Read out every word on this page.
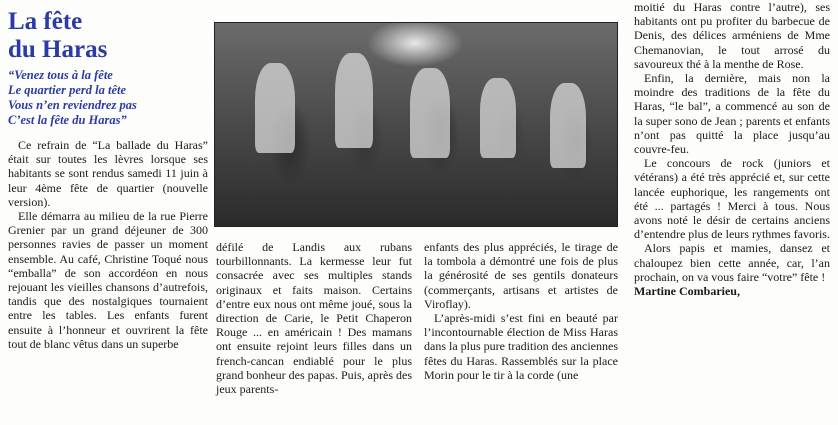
La fête
du Haras
“Venez tous à la fête
Le quartier perd la tête
Vous n’en reviendrez pas
C’est la fête du Haras”

Ce refrain de “La ballade du Haras” était sur toutes les lèvres lorsque ses habitants se sont rendus samedi 11 juin à leur 4ème fête de quartier (nouvelle version).

Elle démarra au milieu de la rue Pierre Grenier par un grand déjeuner de 300 personnes ravies de passer un moment ensemble. Au café, Christine Toqué nous “emballa” de son accordéon en nous rejouant les vieilles chansons d’autrefois, tandis que des nostalgiques tournaient entre les tables. Les enfants furent ensuite à l’honneur et ouvrirent la fête tout de blanc vêtus dans un superbe

défilé de Landis aux rubans tourbillonnants. La kermesse leur fut consacrée avec ses multiples stands originaux et faits maison. Certains d’entre eux nous ont même joué, sous la direction de Carie, le Petit Chaperon Rouge ... en américain ! Des mamans ont ensuite rejoint leurs filles dans un french-cancan endiablé pour le plus grand bonheur des papas. Puis, après des jeux parents-

enfants des plus appréciés, le tirage de la tombola a démontré une fois de plus la générosité de ses gentils donateurs (commerçants, artisans et artistes de Viroflay).

L’après-midi s’est fini en beauté par l’incontournable élection de Miss Haras dans la plus pure tradition des anciennes fêtes du Haras. Rassemblés sur la place Morin pour le tir à la corde (une

moitié du Haras contre l’autre), ses habitants ont pu profiter du barbecue de Denis, des délices arméniens de Mme Chemanovian, le tout arrosé du savoureux thé à la menthe de Rose.

Enfin, la dernière, mais non la moindre des traditions de la fête du Haras, “le bal”, a commencé au son de la super sono de Jean ; parents et enfants n’ont pas quitté la place jusqu’au couvre-feu.

Le concours de rock (juniors et vétérans) a été très apprécié et, sur cette lancée euphorique, les rangements ont été ... partagés ! Merci à tous. Nous avons noté le désir de certains anciens d’entendre plus de leurs rythmes favoris.

Alors papis et mamies, dansez et chaloupez bien cette année, car, l’an prochain, on va vous faire “votre” fête !

Martine Combarieu,
